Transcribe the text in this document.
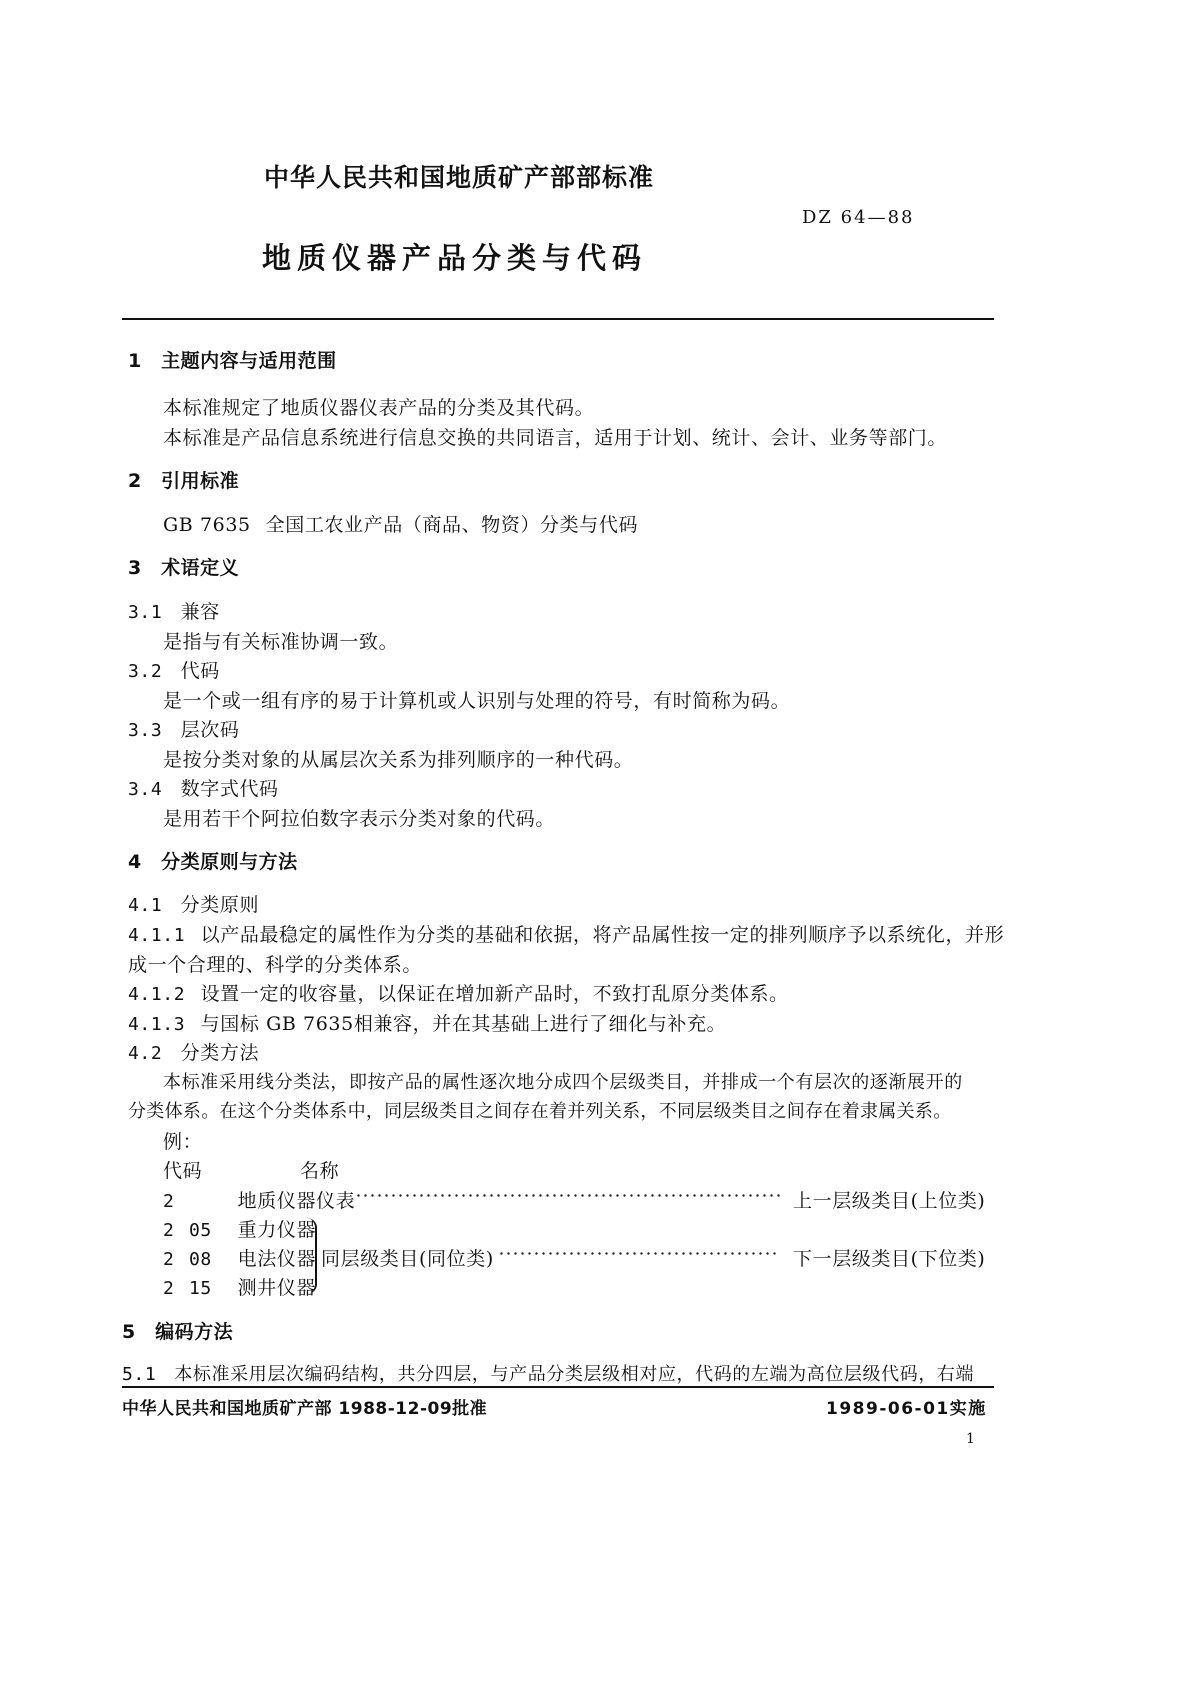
中华人民共和国地质矿产部部标准
DZ 64—88
地质仪器产品分类与代码
1 主题内容与适用范围
本标准规定了地质仪器仪表产品的分类及其代码。
本标准是产品信息系统进行信息交换的共同语言，适用于计划、统计、会计、业务等部门。
2 引用标准
GB 7635 全国工农业产品（商品、物资）分类与代码
3 术语定义
3.1 兼容
是指与有关标准协调一致。
3.2 代码
是一个或一组有序的易于计算机或人识别与处理的符号，有时简称为码。
3.3 层次码
是按分类对象的从属层次关系为排列顺序的一种代码。
3.4 数字式代码
是用若干个阿拉伯数字表示分类对象的代码。
4 分类原则与方法
4.1 分类原则
4.1.1 以产品最稳定的属性作为分类的基础和依据，将产品属性按一定的排列顺序予以系统化，并形
成一个合理的、科学的分类体系。
4.1.2 设置一定的收容量，以保证在增加新产品时，不致打乱原分类体系。
4.1.3 与国标 GB 7635相兼容，并在其基础上进行了细化与补充。
4.2 分类方法
本标准采用线分类法，即按产品的属性逐次地分成四个层级类目，并排成一个有层次的逐渐展开的
分类体系。在这个分类体系中，同层级类目之间存在着并列关系，不同层级类目之间存在着隶属关系。
例：
代码	名称
2	地质仪器仪表	上一层级类目(上位类)
2 05 重力仪器
2 08 电法仪器
2 15 测井仪器
同层级类目(同位类)	下一层级类目(下位类)
5 编码方法
5.1 本标准采用层次编码结构，共分四层，与产品分类层级相对应，代码的左端为高位层级代码，右端
中华人民共和国地质矿产部 1988-12-09批准	1989-06-01实施
1
